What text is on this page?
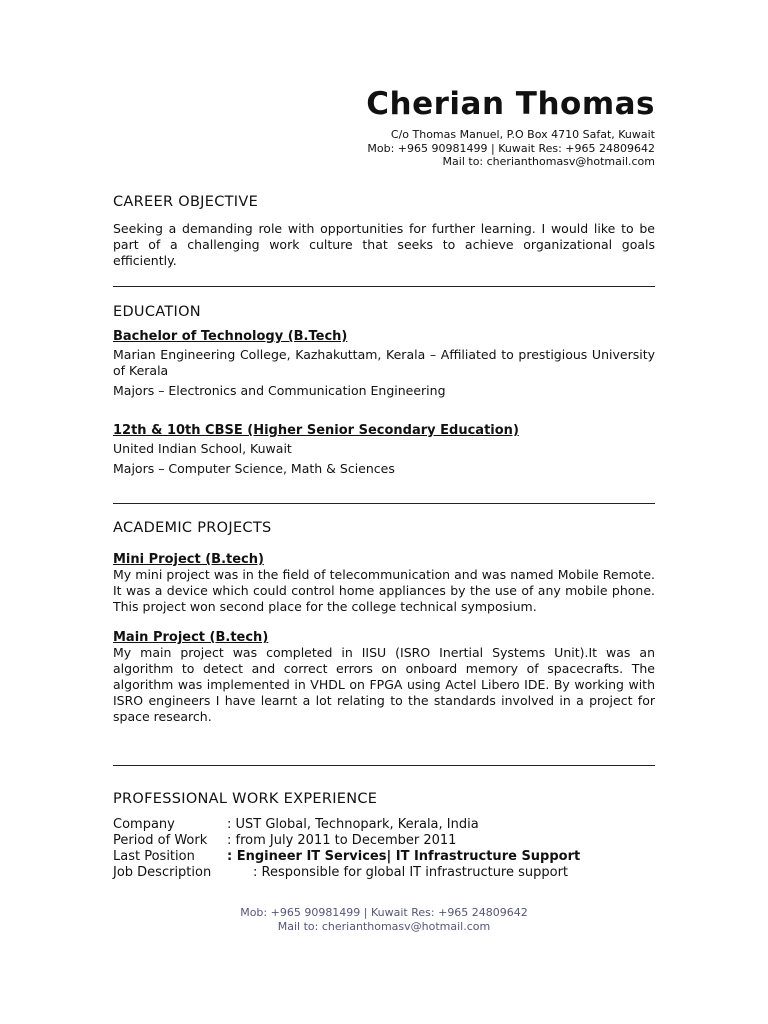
Cherian Thomas
C/o Thomas Manuel, P.O Box 4710 Safat, Kuwait
Mob: +965 90981499 | Kuwait Res: +965 24809642
Mail to: cherianthomasv@hotmail.com
CAREER OBJECTIVE

Seeking a demanding role with opportunities for further learning. I would like to be part of a challenging work culture that seeks to achieve organizational goals efficiently.

EDUCATION

Bachelor of Technology (B.Tech)

Marian Engineering College, Kazhakuttam, Kerala – Affiliated to prestigious University of Kerala

Majors – Electronics and Communication Engineering

12th & 10th CBSE (Higher Senior Secondary Education)

United Indian School, Kuwait

Majors – Computer Science, Math & Sciences

ACADEMIC PROJECTS

Mini Project (B.tech)

My mini project was in the field of telecommunication and was named Mobile Remote. It was a device which could control home appliances by the use of any mobile phone. This project won second place for the college technical symposium.

Main Project (B.tech)

My main project was completed in IISU (ISRO Inertial Systems Unit).It was an algorithm to detect and correct errors on onboard memory of spacecrafts. The algorithm was implemented in VHDL on FPGA using Actel Libero IDE. By working with ISRO engineers I have learnt a lot relating to the standards involved in a project for space research.

PROFESSIONAL WORK EXPERIENCE
Company	: UST Global, Technopark, Kerala, India
Period of Work	: from July 2011 to December 2011
Last Position	: Engineer IT Services| IT Infrastructure Support
Job Description	: Responsible for global IT infrastructure support
Mob: +965 90981499 | Kuwait Res: +965 24809642
Mail to: cherianthomasv@hotmail.com
